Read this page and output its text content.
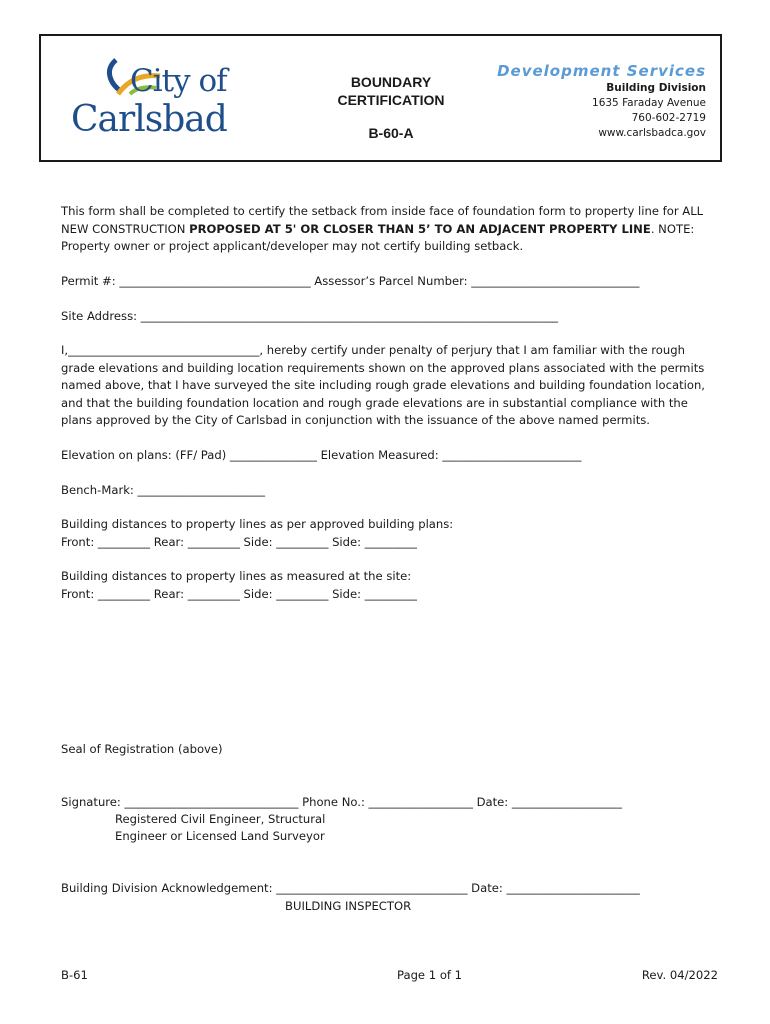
City of
Carlsbad
BOUNDARY
CERTIFICATION
B-60-A
Development Services
Building Division
1635 Faraday Avenue
760-602-2719
www.carlsbadca.gov
This form shall be completed to certify the setback from inside face of foundation form to property line for ALL NEW CONSTRUCTION PROPOSED AT 5' OR CLOSER THAN 5’ TO AN ADJACENT PROPERTY LINE. NOTE: Property owner or project applicant/developer may not certify building setback.
Permit #: _________________________________ Assessor’s Parcel Number: _____________________________
Site Address: ________________________________________________________________________
I,_________________________________, hereby certify under penalty of perjury that I am familiar with the rough grade elevations and building location requirements shown on the approved plans associated with the permits named above, that I have surveyed the site including rough grade elevations and building foundation location, and that the building foundation location and rough grade elevations are in substantial compliance with the plans approved by the City of Carlsbad in conjunction with the issuance of the above named permits.
Elevation on plans: (FF/ Pad) _______________ Elevation Measured: ________________________
Bench-Mark: ______________________
Building distances to property lines as per approved building plans:
Front: _________ Rear: _________ Side: _________ Side: _________
Building distances to property lines as measured at the site:
Front: _________ Rear: _________ Side: _________ Side: _________
Seal of Registration (above)
Signature: ______________________________ Phone No.: __________________ Date: ___________________
Registered Civil Engineer, Structural
Engineer or Licensed Land Surveyor
Building Division Acknowledgement: _________________________________ Date: _______________________
BUILDING INSPECTOR
B-61	Page 1 of 1	Rev. 04/2022
